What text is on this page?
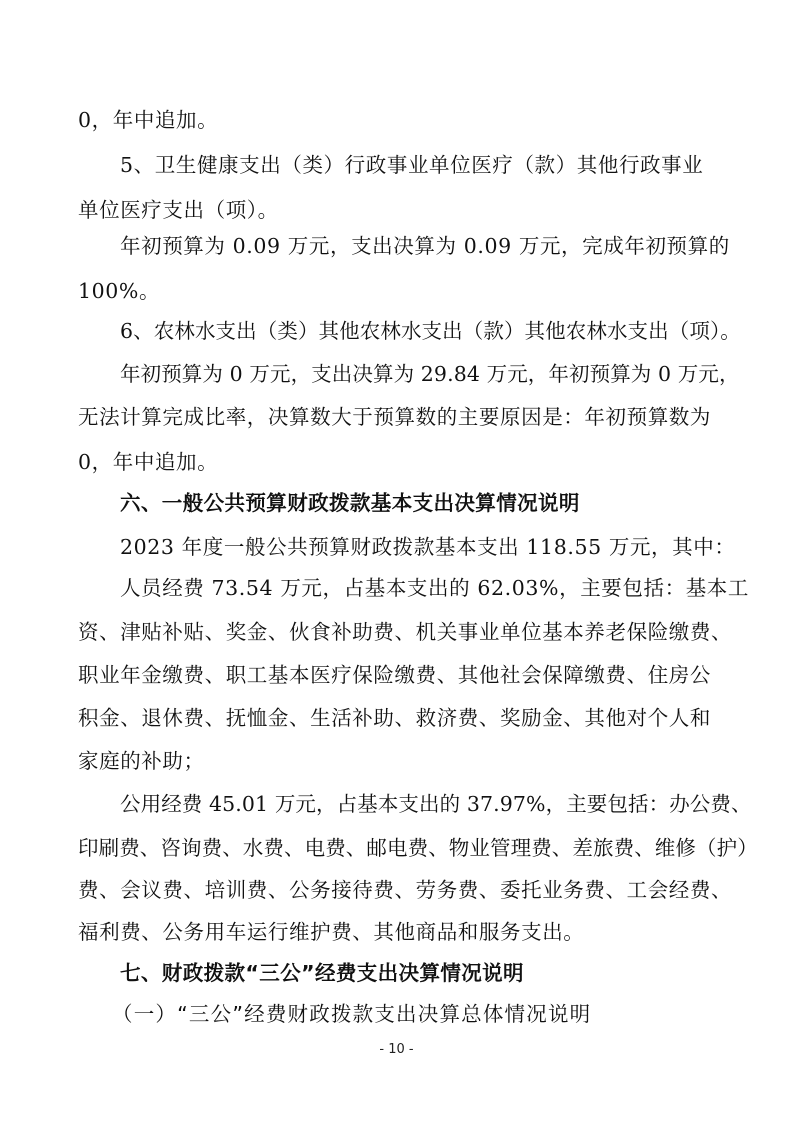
0，年中追加。
5、卫生健康支出（类）行政事业单位医疗（款）其他行政事业
单位医疗支出（项）。
年初预算为 0.09 万元，支出决算为 0.09 万元，完成年初预算的
100%。
6、农林水支出（类）其他农林水支出（款）其他农林水支出（项）。
年初预算为 0 万元，支出决算为 29.84 万元，年初预算为 0 万元，
无法计算完成比率，决算数大于预算数的主要原因是：年初预算数为
0，年中追加。
六、一般公共预算财政拨款基本支出决算情况说明
2023 年度一般公共预算财政拨款基本支出 118.55 万元，其中：
人员经费 73.54 万元，占基本支出的 62.03%，主要包括：基本工
资、津贴补贴、奖金、伙食补助费、机关事业单位基本养老保险缴费、
职业年金缴费、职工基本医疗保险缴费、其他社会保障缴费、住房公
积金、退休费、抚恤金、生活补助、救济费、奖励金、其他对个人和
家庭的补助；
公用经费 45.01 万元，占基本支出的 37.97%，主要包括：办公费、
印刷费、咨询费、水费、电费、邮电费、物业管理费、差旅费、维修（护）
费、会议费、培训费、公务接待费、劳务费、委托业务费、工会经费、
福利费、公务用车运行维护费、其他商品和服务支出。
七、财政拨款“三公”经费支出决算情况说明
（一）“三公”经费财政拨款支出决算总体情况说明
- 10 -
